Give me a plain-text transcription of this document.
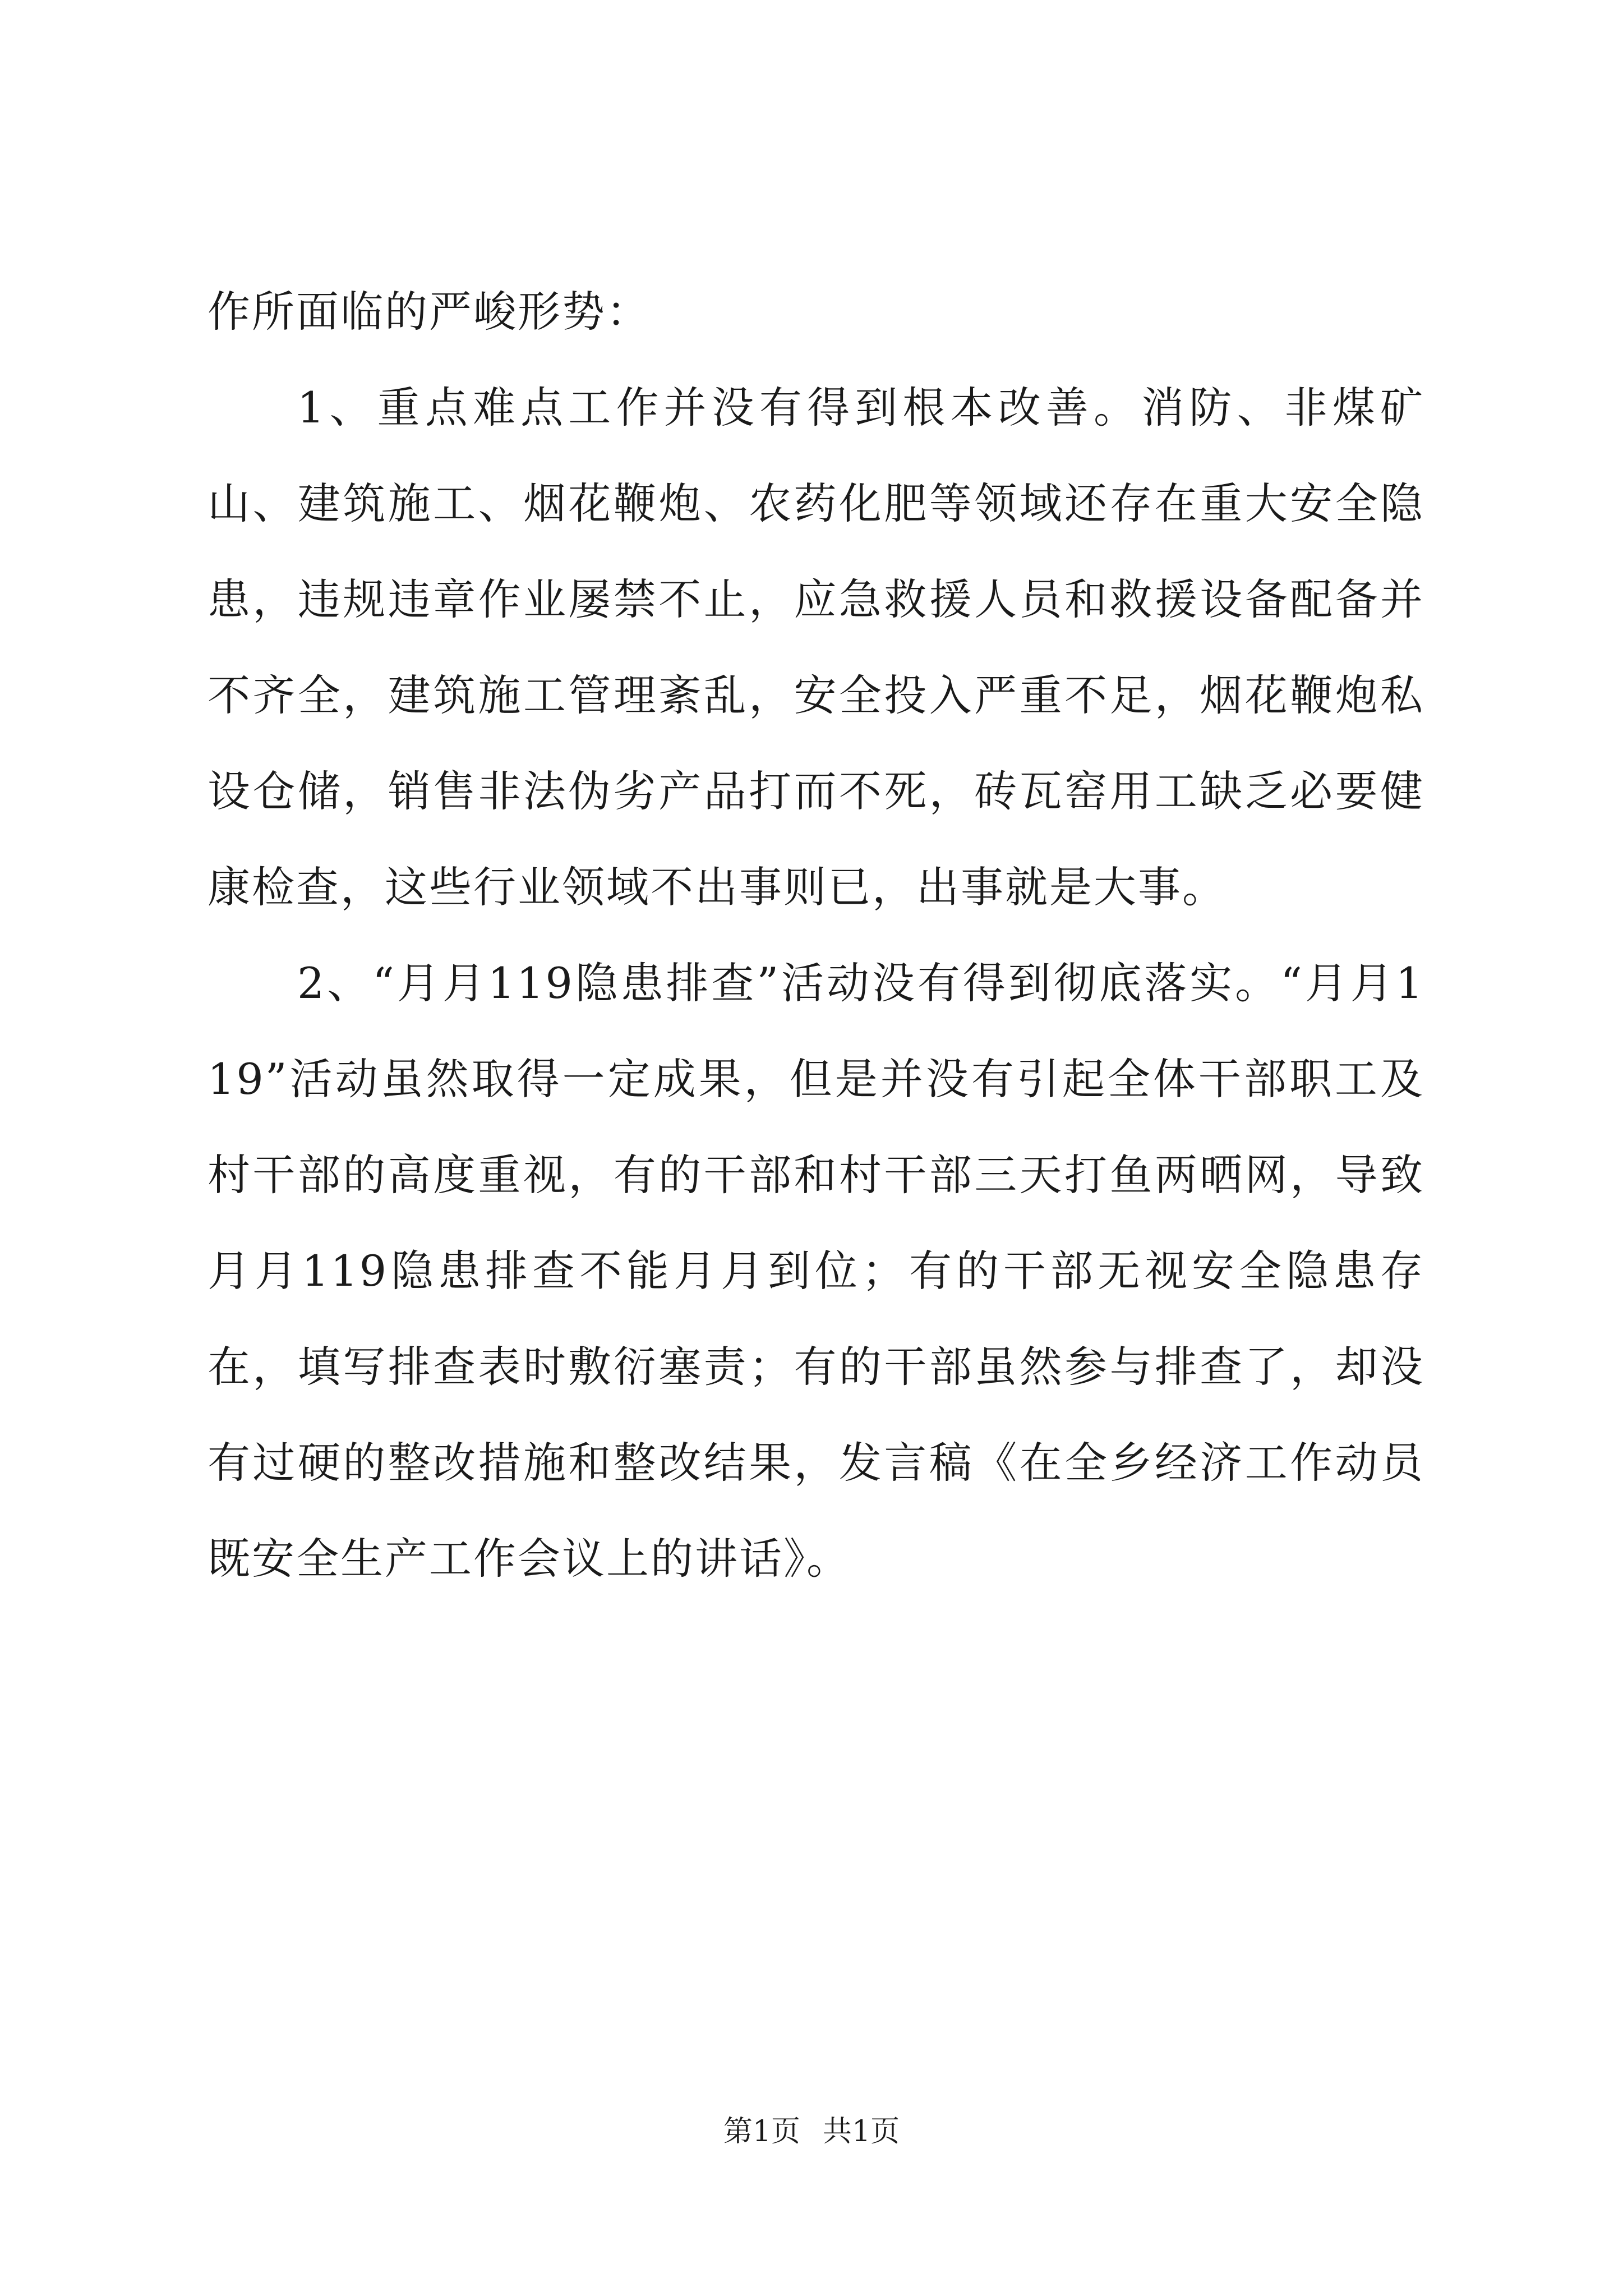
作所面临的严峻形势：

1、重点难点工作并没有得到根本改善。消防、非煤矿山、建筑施工、烟花鞭炮、农药化肥等领域还存在重大安全隐患，违规违章作业屡禁不止，应急救援人员和救援设备配备并不齐全，建筑施工管理紊乱，安全投入严重不足，烟花鞭炮私设仓储，销售非法伪劣产品打而不死，砖瓦窑用工缺乏必要健康检查，这些行业领域不出事则已，出事就是大事。

2、“月月119隐患排查”活动没有得到彻底落实。“月月119”活动虽然取得一定成果，但是并没有引起全体干部职工及村干部的高度重视，有的干部和村干部三天打鱼两晒网，导致月月119隐患排查不能月月到位；有的干部无视安全隐患存在，填写排查表时敷衍塞责；有的干部虽然参与排查了，却没有过硬的整改措施和整改结果，发言稿《在全乡经济工作动员既安全生产工作会议上的讲话》。

第1页 共1页
